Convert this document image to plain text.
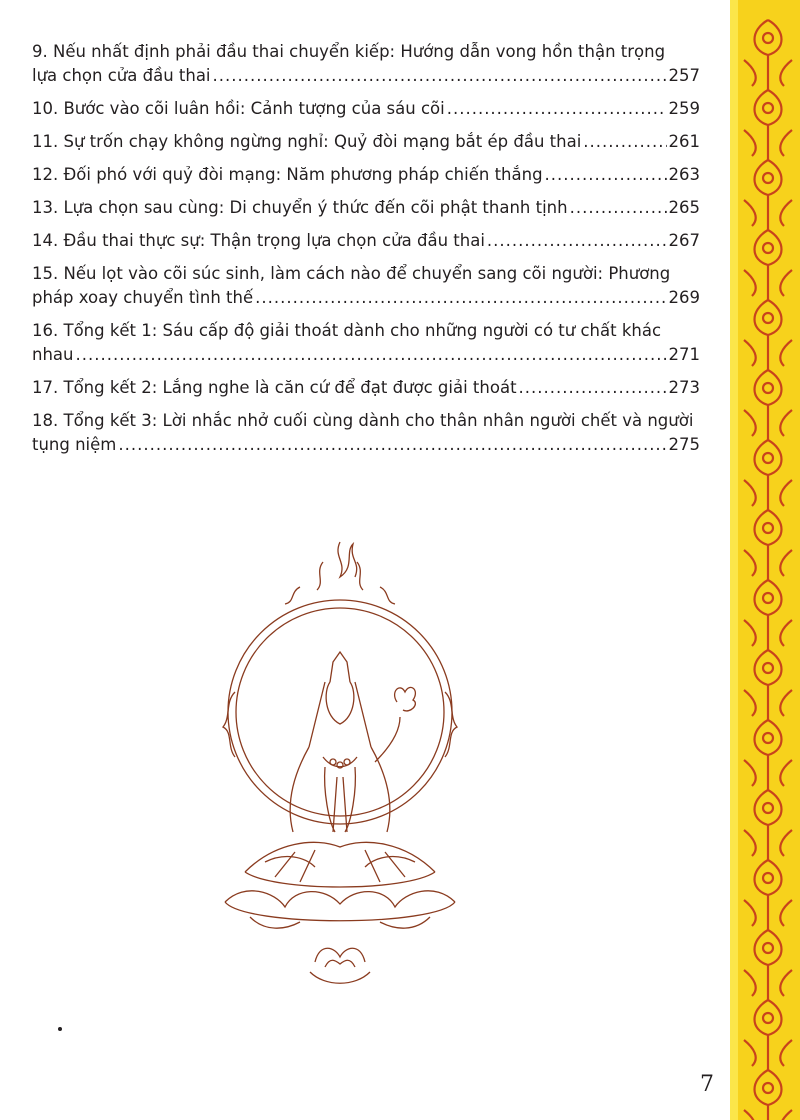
9. Nếu nhất định phải đầu thai chuyển kiếp: Hướng dẫn vong hồn thận trọng
lựa chọn cửa đầu thai .....	257
10. Bước vào cõi luân hồi: Cảnh tượng của sáu cõi .....	259
11. Sự trốn chạy không ngừng nghỉ: Quỷ đòi mạng bắt ép đầu thai .....	261
12. Đối phó với quỷ đòi mạng: Năm phương pháp chiến thắng .....	263
13. Lựa chọn sau cùng: Di chuyển ý thức đến cõi phật thanh tịnh .....	265
14. Đầu thai thực sự: Thận trọng lựa chọn cửa đầu thai .....	267
15. Nếu lọt vào cõi súc sinh, làm cách nào để chuyển sang cõi người: Phương
pháp xoay chuyển tình thế .....	269
16. Tổng kết 1: Sáu cấp độ giải thoát dành cho những người có tư chất khác
nhau .....	271
17. Tổng kết 2: Lắng nghe là căn cứ để đạt được giải thoát .....	273
18. Tổng kết 3: Lời nhắc nhở cuối cùng dành cho thân nhân người chết và người
tụng niệm .....	275
7
